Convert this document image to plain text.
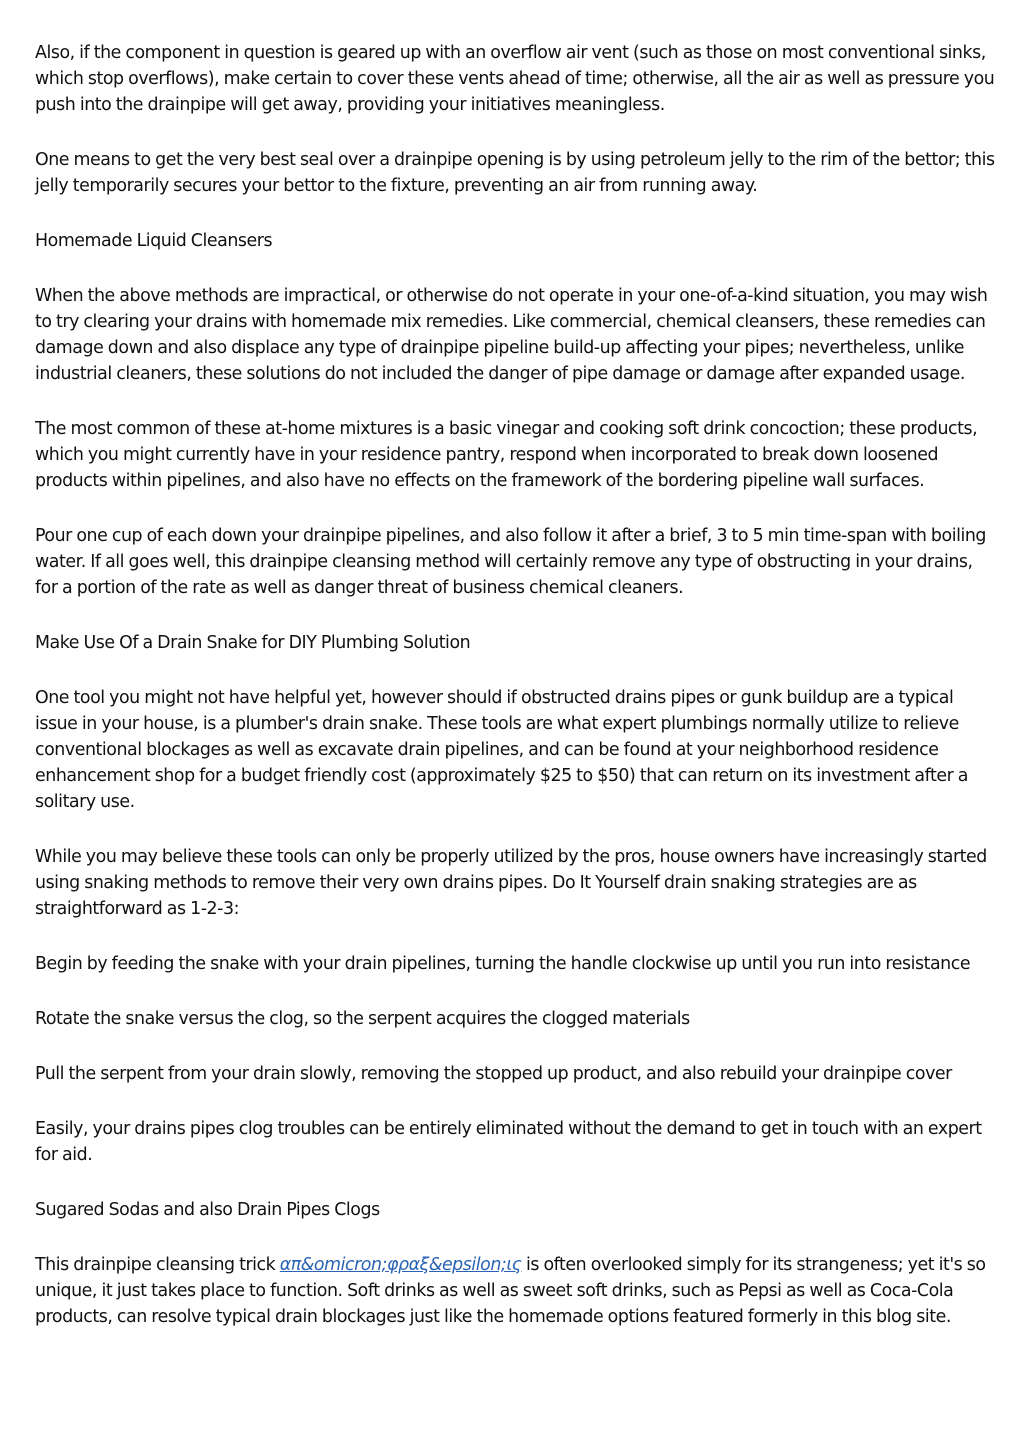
Also, if the component in question is geared up with an overflow air vent (such as those on most conventional sinks, which stop overflows), make certain to cover these vents ahead of time; otherwise, all the air as well as pressure you push into the drainpipe will get away, providing your initiatives meaningless.

One means to get the very best seal over a drainpipe opening is by using petroleum jelly to the rim of the bettor; this jelly temporarily secures your bettor to the fixture, preventing an air from running away.

Homemade Liquid Cleansers

When the above methods are impractical, or otherwise do not operate in your one-of-a-kind situation, you may wish to try clearing your drains with homemade mix remedies. Like commercial, chemical cleansers, these remedies can damage down and also displace any type of drainpipe pipeline build-up affecting your pipes; nevertheless, unlike industrial cleaners, these solutions do not included the danger of pipe damage or damage after expanded usage.

The most common of these at-home mixtures is a basic vinegar and cooking soft drink concoction; these products, which you might currently have in your residence pantry, respond when incorporated to break down loosened products within pipelines, and also have no effects on the framework of the bordering pipeline wall surfaces.

Pour one cup of each down your drainpipe pipelines, and also follow it after a brief, 3 to 5 min time-span with boiling water. If all goes well, this drainpipe cleansing method will certainly remove any type of obstructing in your drains, for a portion of the rate as well as danger threat of business chemical cleaners.

Make Use Of a Drain Snake for DIY Plumbing Solution

One tool you might not have helpful yet, however should if obstructed drains pipes or gunk buildup are a typical issue in your house, is a plumber's drain snake. These tools are what expert plumbings normally utilize to relieve conventional blockages as well as excavate drain pipelines, and can be found at your neighborhood residence enhancement shop for a budget friendly cost (approximately $25 to $50) that can return on its investment after a solitary use.

While you may believe these tools can only be properly utilized by the pros, house owners have increasingly started using snaking methods to remove their very own drains pipes. Do It Yourself drain snaking strategies are as straightforward as 1-2-3:

Begin by feeding the snake with your drain pipelines, turning the handle clockwise up until you run into resistance

Rotate the snake versus the clog, so the serpent acquires the clogged materials

Pull the serpent from your drain slowly, removing the stopped up product, and also rebuild your drainpipe cover

Easily, your drains pipes clog troubles can be entirely eliminated without the demand to get in touch with an expert for aid.

Sugared Sodas and also Drain Pipes Clogs

This drainpipe cleansing trick απ&omicron;φραξ&epsilon;ις is often overlooked simply for its strangeness; yet it's so unique, it just takes place to function. Soft drinks as well as sweet soft drinks, such as Pepsi as well as Coca-Cola products, can resolve typical drain blockages just like the homemade options featured formerly in this blog site.
